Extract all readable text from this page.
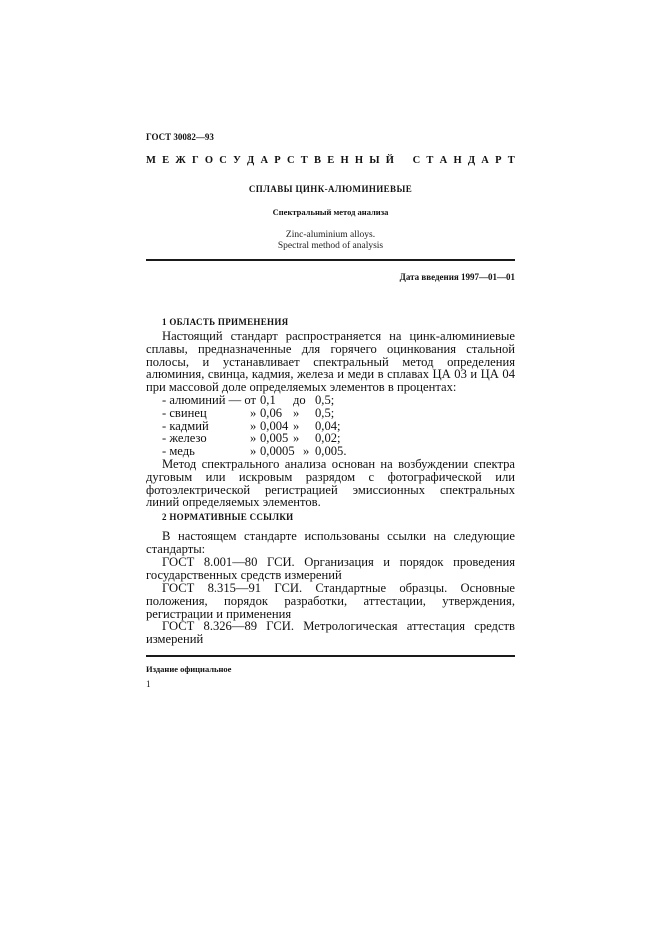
ГОСТ 30082—93
М Е Ж Г О С У Д А Р С Т В Е Н Н Ы Й С Т А Н Д А Р Т
СПЛАВЫ ЦИНК-АЛЮМИНИЕВЫЕ
Спектральный метод анализа
Zinc-aluminium alloys.
Spectral method of analysis
Дата введения 1997—01—01
1 ОБЛАСТЬ ПРИМЕНЕНИЯ
Настоящий стандарт распространяется на цинк-алюминиевые сплавы, предназначенные для горячего оцинкования стальной полосы, и устанавливает спектральный метод определения алюминия, свинца, кадмия, железа и меди в сплавах ЦА 03 и ЦА 04 при массовой доле определяемых элементов в процентах:
- алюминий — от 0,1	до 0,5;
- свинец	» 0,06 »	0,5;
- кадмий	» 0,004 »	0,04;
- железо	» 0,005 »	0,02;
- медь	» 0,0005 » 0,005.
Метод спектрального анализа основан на возбуждении спектра дуговым или искровым разрядом с фотографической или фотоэлектрической регистрацией эмиссионных спектральных линий определяемых элементов.
2 НОРМАТИВНЫЕ ССЫЛКИ
В настоящем стандарте использованы ссылки на следующие стандарты:
ГОСТ 8.001—80 ГСИ. Организация и порядок проведения государственных средств измерений
ГОСТ 8.315—91 ГСИ. Стандартные образцы. Основные положения, порядок разработки, аттестации, утверждения, регистрации и применения
ГОСТ 8.326—89 ГСИ. Метрологическая аттестация средств измерений
Издание официальное
1
